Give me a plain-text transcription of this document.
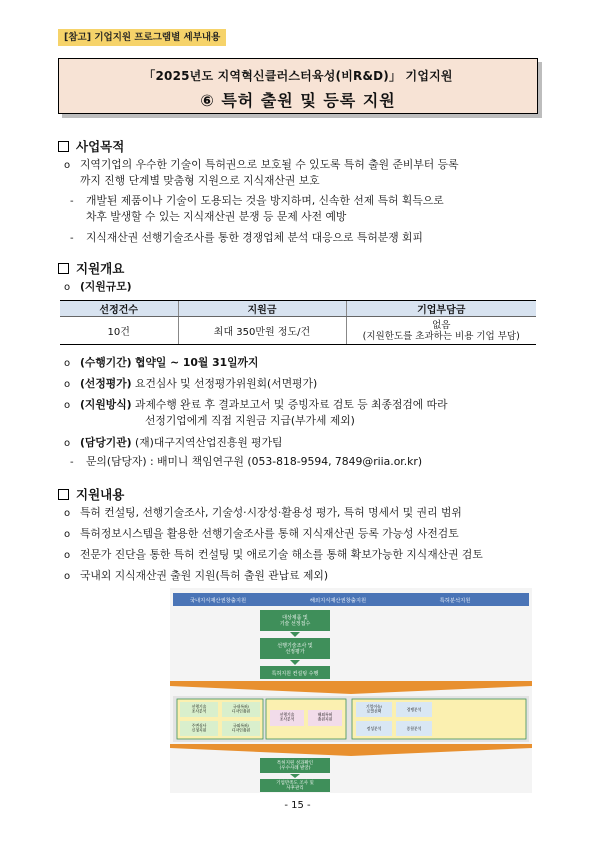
[참고] 기업지원 프로그램별 세부내용
「2025년도 지역혁신클러스터육성(비R&D)」 기업지원
⑥ 특허 출원 및 등록 지원
사업목적
o 지역기업의 우수한 기술이 특허권으로 보호될 수 있도록 특허 출원 준비부터 등록
까지 진행 단계별 맞춤형 지원으로 지식재산권 보호
- 개발된 제품이나 기술이 도용되는 것을 방지하며, 신속한 선제 특허 획득으로
차후 발생할 수 있는 지식재산권 분쟁 등 문제 사전 예방
- 지식재산권 선행기술조사를 통한 경쟁업체 분석 대응으로 특허분쟁 회피
지원개요
o (지원규모)
선정건수	지원금	기업부담금
10건	최대 350만원 정도/건	없음
(지원한도를 초과하는 비용 기업 부담)
o (수행기간) 협약일 ~ 10월 31일까지
o (선정평가) 요건심사 및 선정평가위원회(서면평가)
o (지원방식) 과제수행 완료 후 결과보고서 및 증빙자료 검토 등 최종점검에 따라
선정기업에게 직접 지원금 지급(부가세 제외)
o (담당기관) (재)대구지역산업진흥원 평가팀
- 문의(담당자) : 배미니 책임연구원 (053-818-9594, 7849@riia.or.kr)
지원내용
o 특허 컨설팅, 선행기술조사, 기술성·시장성·활용성 평가, 특허 명세서 및 권리 범위
o 특허정보시스템을 활용한 선행기술조사를 통해 지식재산권 등록 가능성 사전검토
o 전문가 진단을 통한 특허 컨설팅 및 애로기술 해소를 통해 확보가능한 지식재산권 검토
o 국내외 지식재산권 출원 지원(특허 출원 관납료 제외)
국내지식재산권창출지원	해외지식재산권창출지원	특허분석지원
대상제품 및 기술 선정접수
선행기술조사 및 선정평가
특허지원 컨설팅 수행
선행기술 조사분석
국내특허/ 디자인출원
주변심사 신청지원
국외특허/ 디자인출원
선행기술 조사분석
해외특허 출원지원
기업이슈/ 로열선택	경쟁분석
정성분석	종합분석
특허지원 성과확인 (우수사례 발굴)
기업만족도 조사 및 사후관리
- 15 -
